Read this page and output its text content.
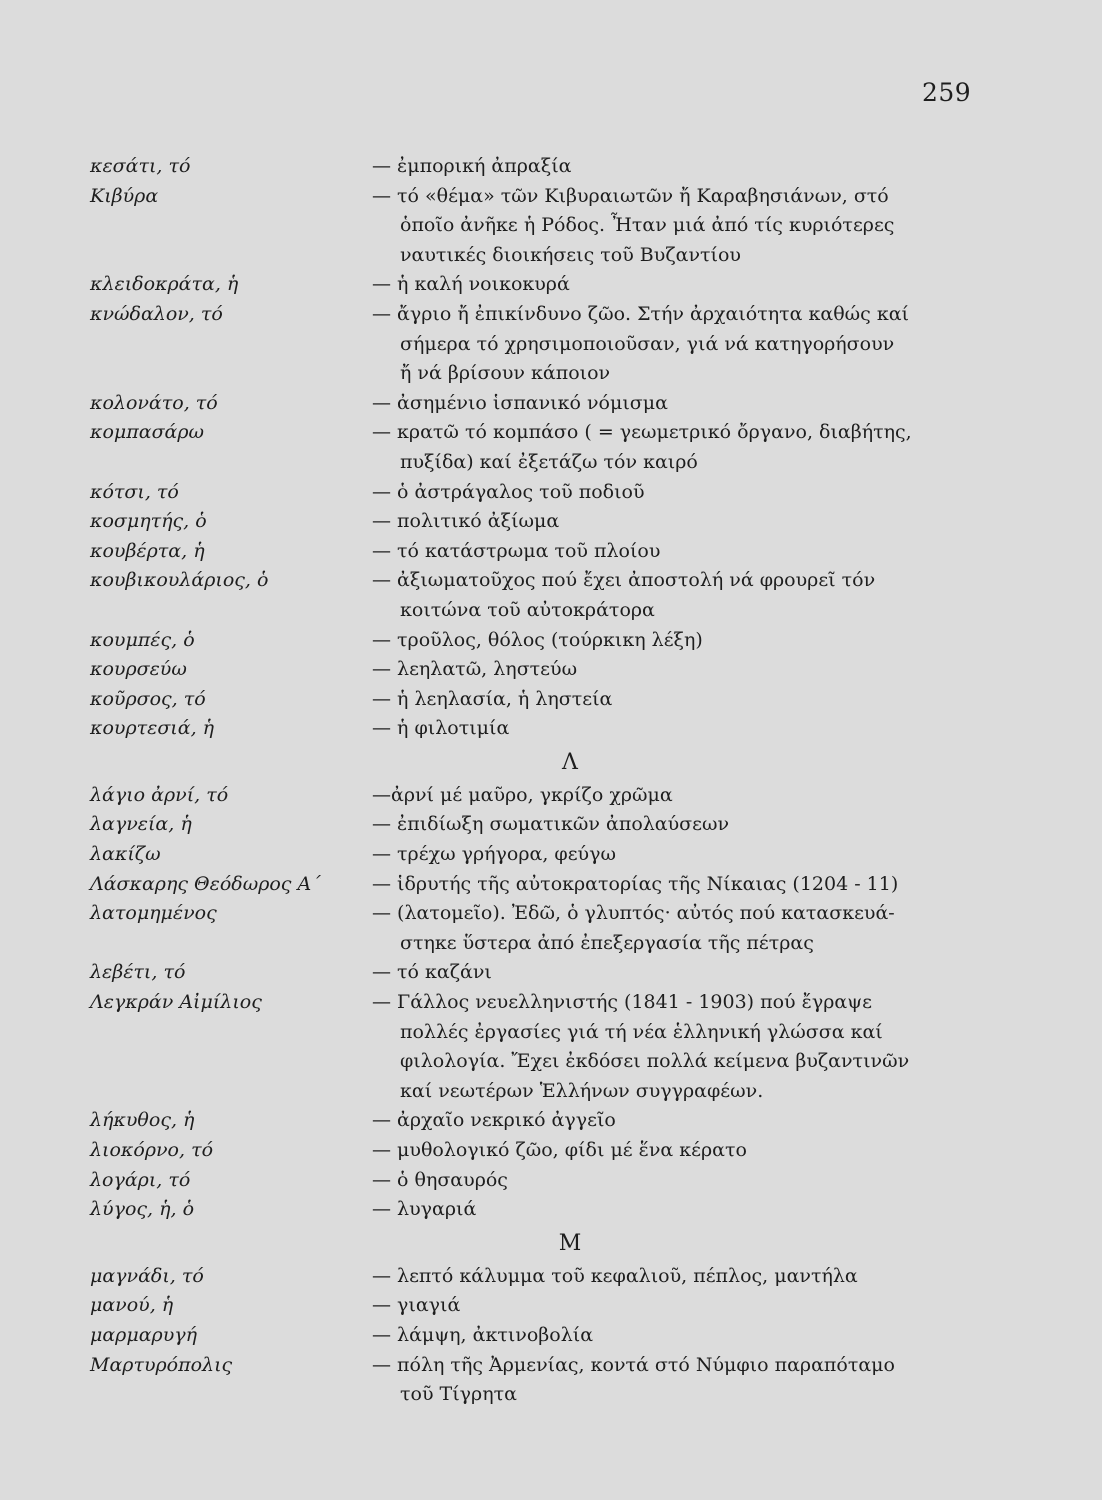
259
κεσάτι, τό	— ἐμπορική ἀπραξία
Κιβύρα	— τό «θέμα» τῶν Κιβυραιωτῶν ἤ Καραβησιάνων, στό
ὁποῖο ἀνῆκε ἡ Ρόδος. Ἦταν μιά ἀπό τίς κυριότερες
ναυτικές διοικήσεις τοῦ Βυζαντίου
κλειδοκράτα, ἡ	— ἡ καλή νοικοκυρά
κνώδαλον, τό	— ἄγριο ἤ ἐπικίνδυνο ζῶο. Στήν ἀρχαιότητα καθώς καί
σήμερα τό χρησιμοποιοῦσαν, γιά νά κατηγορήσουν
ἤ νά βρίσουν κάποιον
κολονάτο, τό	— ἀσημένιο ἱσπανικό νόμισμα
κομπασάρω	— κρατῶ τό κομπάσο ( = γεωμετρικό ὄργανο, διαβήτης,
πυξίδα) καί ἐξετάζω τόν καιρό
κότσι, τό	— ὁ ἀστράγαλος τοῦ ποδιοῦ
κοσμητής, ὁ	— πολιτικό ἀξίωμα
κουβέρτα, ἡ	— τό κατάστρωμα τοῦ πλοίου
κουβικουλάριος, ὁ	— ἀξιωματοῦχος πού ἔχει ἀποστολή νά φρουρεῖ τόν
κοιτώνα τοῦ αὐτοκράτορα
κουμπές, ὁ	— τροῦλος, θόλος (τούρκικη λέξη)
κουρσεύω	— λεηλατῶ, ληστεύω
κοῦρσος, τό	— ἡ λεηλασία, ἡ ληστεία
κουρτεσιά, ἡ	— ἡ φιλοτιμία
Λ
λάγιο ἀρνί, τό	—ἀρνί μέ μαῦρο, γκρίζο χρῶμα
λαγνεία, ἡ	— ἐπιδίωξη σωματικῶν ἀπολαύσεων
λακίζω	— τρέχω γρήγορα, φεύγω
Λάσκαρης Θεόδωρος Α΄	— ἱδρυτής τῆς αὐτοκρατορίας τῆς Νίκαιας (1204 - 11)
λατομημένος	— (λατομεῖο). Ἐδῶ, ὁ γλυπτός· αὐτός πού κατασκευά-
στηκε ὕστερα ἀπό ἐπεξεργασία τῆς πέτρας
λεβέτι, τό	— τό καζάνι
Λεγκράν Αἰμίλιος	— Γάλλος νευελληνιστής (1841 - 1903) πού ἔγραψε
πολλές ἐργασίες γιά τή νέα ἑλληνική γλώσσα καί
φιλολογία. Ἔχει ἐκδόσει πολλά κείμενα βυζαντινῶν
καί νεωτέρων Ἑλλήνων συγγραφέων.
λήκυθος, ἡ	— ἀρχαῖο νεκρικό ἀγγεῖο
λιοκόρνο, τό	— μυθολογικό ζῶο, φίδι μέ ἕνα κέρατο
λογάρι, τό	— ὁ θησαυρός
λύγος, ἡ, ὁ	— λυγαριά
Μ
μαγνάδι, τό	— λεπτό κάλυμμα τοῦ κεφαλιοῦ, πέπλος, μαντήλα
μανού, ἡ	— γιαγιά
μαρμαρυγή	— λάμψη, ἀκτινοβολία
Μαρτυρόπολις	— πόλη τῆς Ἀρμενίας, κοντά στό Νύμφιο παραπόταμο
τοῦ Τίγρητα
